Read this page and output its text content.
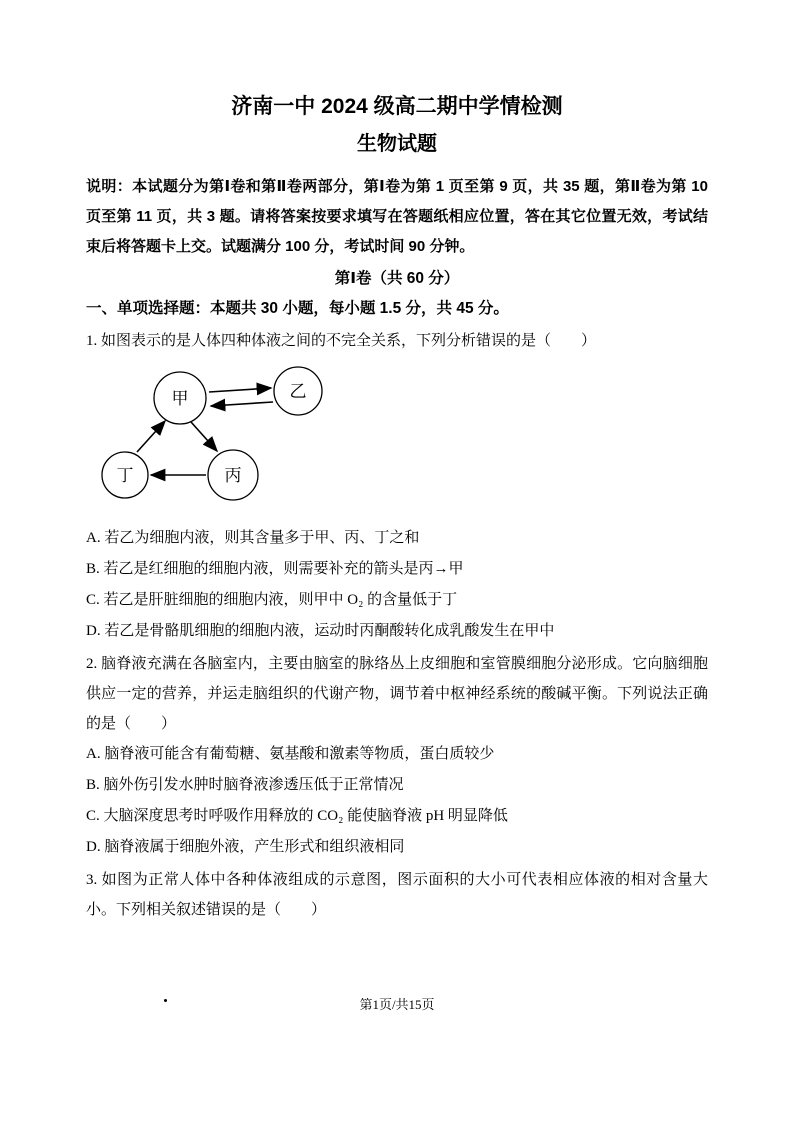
济南一中 2024 级高二期中学情检测
生物试题
说明：本试题分为第Ⅰ卷和第Ⅱ卷两部分，第Ⅰ卷为第 1 页至第 9 页，共 35 题，第Ⅱ卷为第 10 页至第 11 页，共 3 题。请将答案按要求填写在答题纸相应位置，答在其它位置无效，考试结束后将答题卡上交。试题满分 100 分，考试时间 90 分钟。
第Ⅰ卷（共 60 分）
一、单项选择题：本题共 30 小题，每小题 1.5 分，共 45 分。
1. 如图表示的是人体四种体液之间的不完全关系，下列分析错误的是（　　）
甲	乙
丁	丙
A. 若乙为细胞内液，则其含量多于甲、丙、丁之和
B. 若乙是红细胞的细胞内液，则需要补充的箭头是丙→甲
C. 若乙是肝脏细胞的细胞内液，则甲中 O₂ 的含量低于丁
D. 若乙是骨骼肌细胞的细胞内液，运动时丙酮酸转化成乳酸发生在甲中
2. 脑脊液充满在各脑室内，主要由脑室的脉络丛上皮细胞和室管膜细胞分泌形成。它向脑细胞供应一定的营养，并运走脑组织的代谢产物，调节着中枢神经系统的酸碱平衡。下列说法正确的是（　　）
A. 脑脊液可能含有葡萄糖、氨基酸和激素等物质，蛋白质较少
B. 脑外伤引发水肿时脑脊液渗透压低于正常情况
C. 大脑深度思考时呼吸作用释放的 CO₂ 能使脑脊液 pH 明显降低
D. 脑脊液属于细胞外液，产生形式和组织液相同
3. 如图为正常人体中各种体液组成的示意图，图示面积的大小可代表相应体液的相对含量大小。下列相关叙述错误的是（　　）
第1页/共15页
